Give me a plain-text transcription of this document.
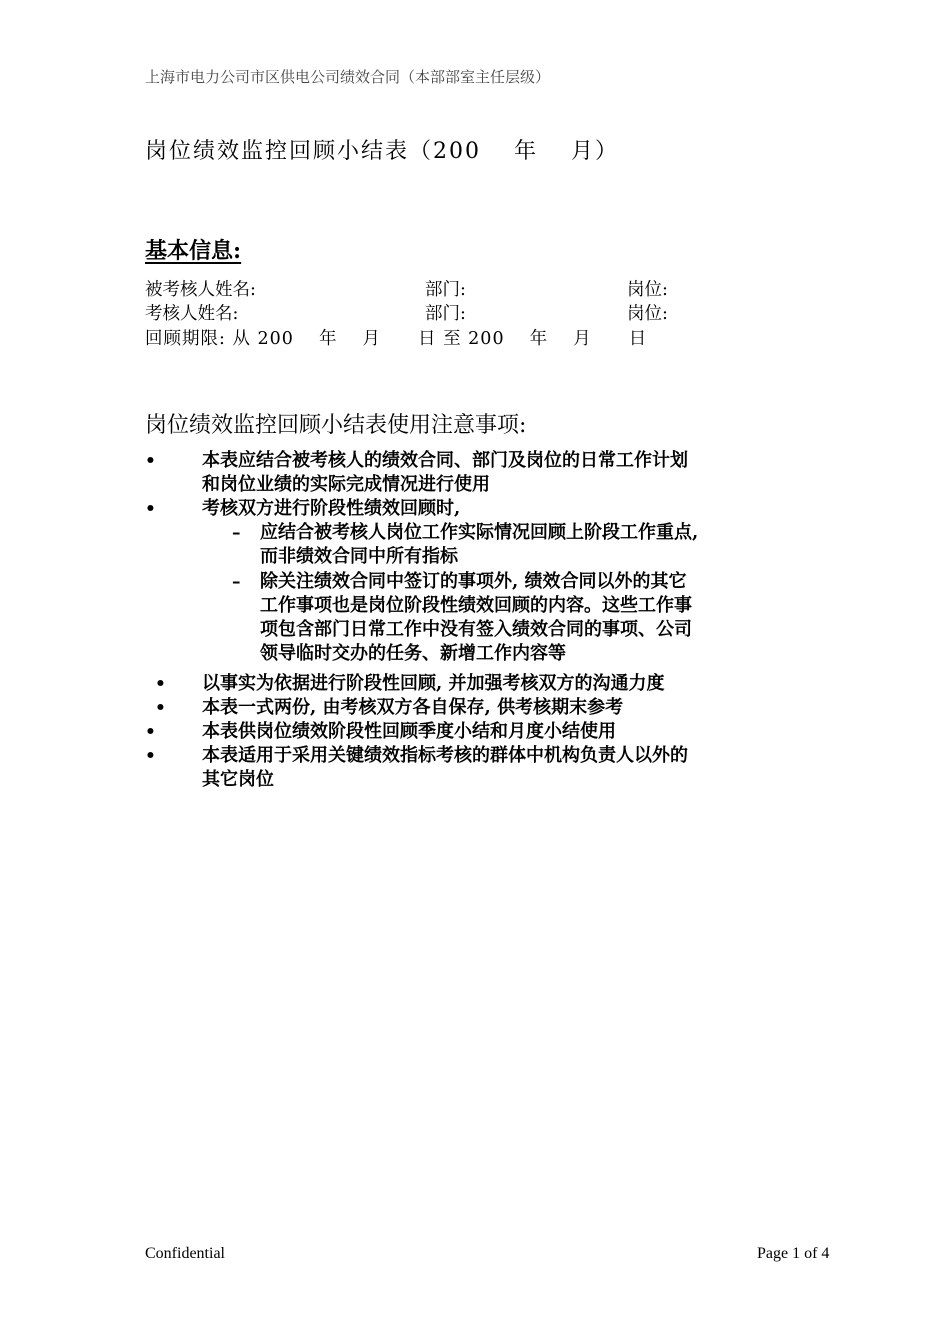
上海市电力公司市区供电公司绩效合同（本部部室主任层级）
岗位绩效监控回顾小结表（200　 年　 月）
基本信息:
被考核人姓名:	部门:	岗位:
考核人姓名:	部门:	岗位:
回顾期限: 从 200　 年　 月　　日 至 200　 年　 月　　日
岗位绩效监控回顾小结表使用注意事项:
•	本表应结合被考核人的绩效合同、部门及岗位的日常工作计划
和岗位业绩的实际完成情况进行使用
•	考核双方进行阶段性绩效回顾时,
– 应结合被考核人岗位工作实际情况回顾上阶段工作重点,
而非绩效合同中所有指标
– 除关注绩效合同中签订的事项外, 绩效合同以外的其它
工作事项也是岗位阶段性绩效回顾的内容。这些工作事
项包含部门日常工作中没有签入绩效合同的事项、公司
领导临时交办的任务、新增工作内容等
• 以事实为依据进行阶段性回顾, 并加强考核双方的沟通力度
• 本表一式两份, 由考核双方各自保存, 供考核期末参考
•	本表供岗位绩效阶段性回顾季度小结和月度小结使用
•	本表适用于采用关键绩效指标考核的群体中机构负责人以外的
其它岗位
Confidential	Page 1 of 4
